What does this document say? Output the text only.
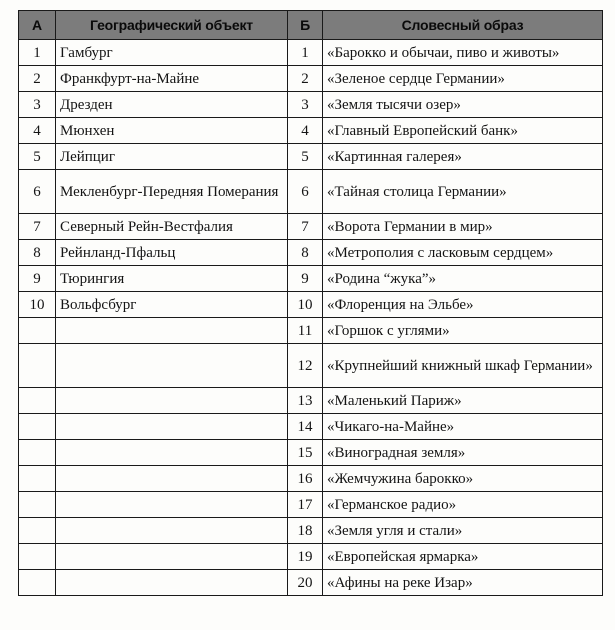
А	Географический объект	Б	Словесный образ
1	Гамбург	1	«Барокко и обычаи, пиво и животы»
2	Франкфурт-на-Майне	2	«Зеленое сердце Германии»
3	Дрезден	3	«Земля тысячи озер»
4	Мюнхен	4	«Главный Европейский банк»
5	Лейпциг	5	«Картинная галерея»
6	Мекленбург-Передняя Померания	6	«Тайная столица Германии»
7	Северный Рейн-Вестфалия	7	«Ворота Германии в мир»
8	Рейнланд-Пфальц	8	«Метрополия с ласковым сердцем»
9	Тюрингия	9	«Родина “жука”»
10	Вольфсбург	10	«Флоренция на Эльбе»
		11	«Горшок с углями»
		12	«Крупнейший книжный шкаф Германии»
		13	«Маленький Париж»
		14	«Чикаго-на-Майне»
		15	«Виноградная земля»
		16	«Жемчужина барокко»
		17	«Германское радио»
		18	«Земля угля и стали»
		19	«Европейская ярмарка»
		20	«Афины на реке Изар»
